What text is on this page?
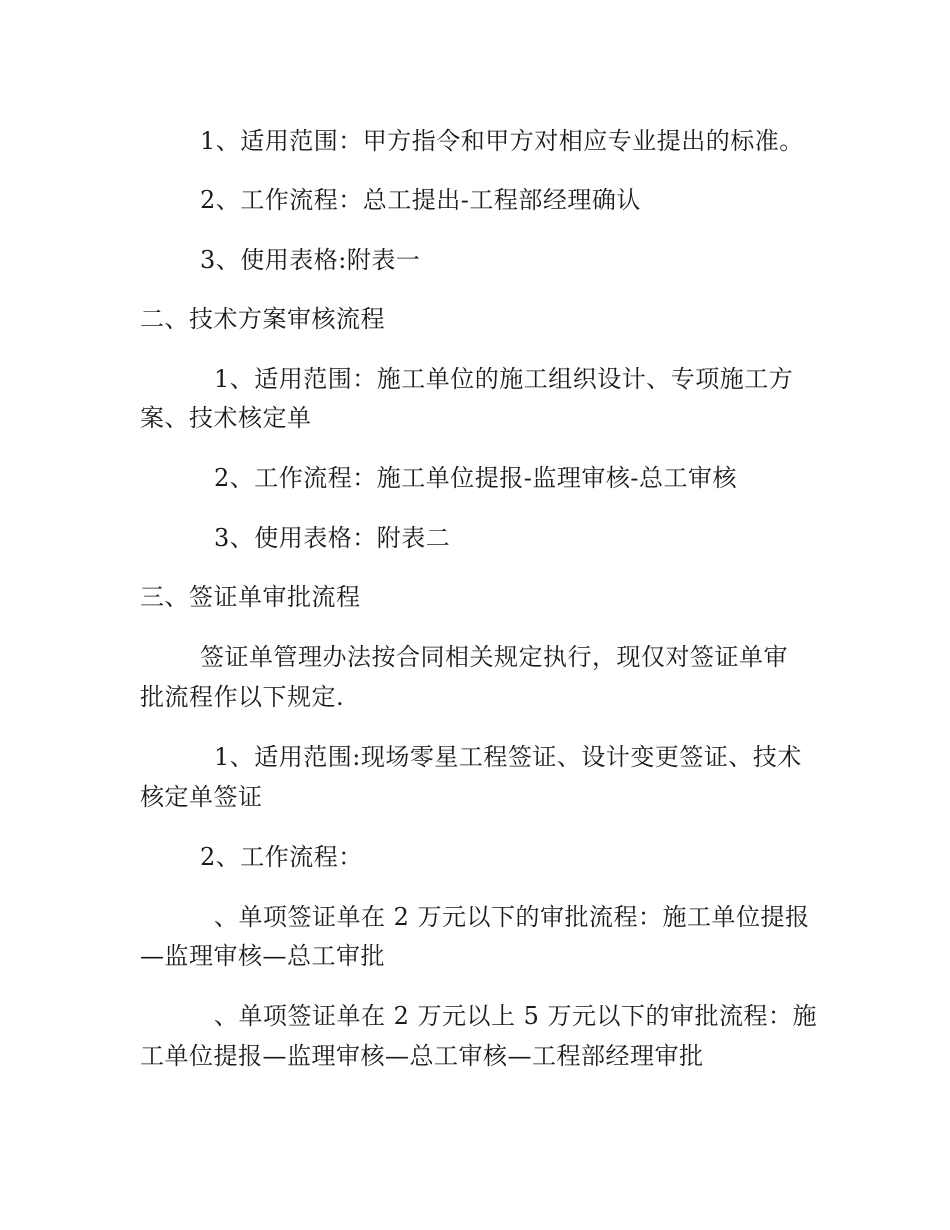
1、适用范围：甲方指令和甲方对相应专业提出的标准。
2、工作流程：总工提出-工程部经理确认
3、使用表格:附表一
二、技术方案审核流程
1、适用范围：施工单位的施工组织设计、专项施工方
案、技术核定单
2、工作流程：施工单位提报-监理审核-总工审核
3、使用表格：附表二
三、签证单审批流程
签证单管理办法按合同相关规定执行，现仅对签证单审
批流程作以下规定.
1、适用范围:现场零星工程签证、设计变更签证、技术
核定单签证
2、工作流程：
、单项签证单在 2 万元以下的审批流程：施工单位提报
—监理审核—总工审批
、单项签证单在 2 万元以上 5 万元以下的审批流程：施
工单位提报—监理审核—总工审核—工程部经理审批
